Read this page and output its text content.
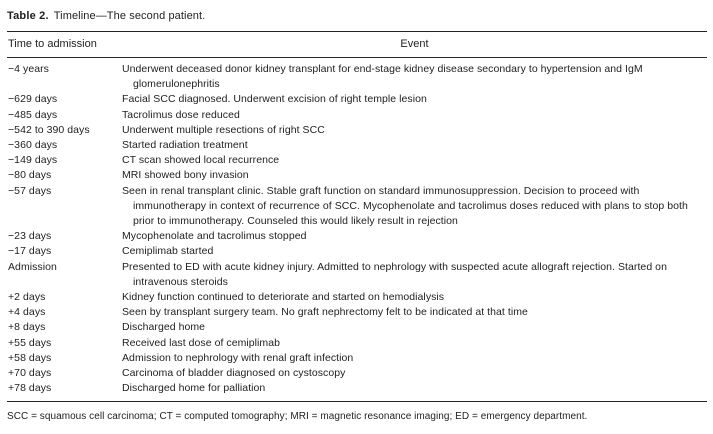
Table 2. Timeline—The second patient.
Time to admission	Event
−4 years	Underwent deceased donor kidney transplant for end-stage kidney disease secondary to hypertension and IgM glomerulonephritis
−629 days	Facial SCC diagnosed. Underwent excision of right temple lesion
−485 days	Tacrolimus dose reduced
−542 to 390 days	Underwent multiple resections of right SCC
−360 days	Started radiation treatment
−149 days	CT scan showed local recurrence
−80 days	MRI showed bony invasion
−57 days	Seen in renal transplant clinic. Stable graft function on standard immunosuppression. Decision to proceed with immunotherapy in context of recurrence of SCC. Mycophenolate and tacrolimus doses reduced with plans to stop both prior to immunotherapy. Counseled this would likely result in rejection
−23 days	Mycophenolate and tacrolimus stopped
−17 days	Cemiplimab started
Admission	Presented to ED with acute kidney injury. Admitted to nephrology with suspected acute allograft rejection. Started on intravenous steroids
+2 days	Kidney function continued to deteriorate and started on hemodialysis
+4 days	Seen by transplant surgery team. No graft nephrectomy felt to be indicated at that time
+8 days	Discharged home
+55 days	Received last dose of cemiplimab
+58 days	Admission to nephrology with renal graft infection
+70 days	Carcinoma of bladder diagnosed on cystoscopy
+78 days	Discharged home for palliation
SCC = squamous cell carcinoma; CT = computed tomography; MRI = magnetic resonance imaging; ED = emergency department.
